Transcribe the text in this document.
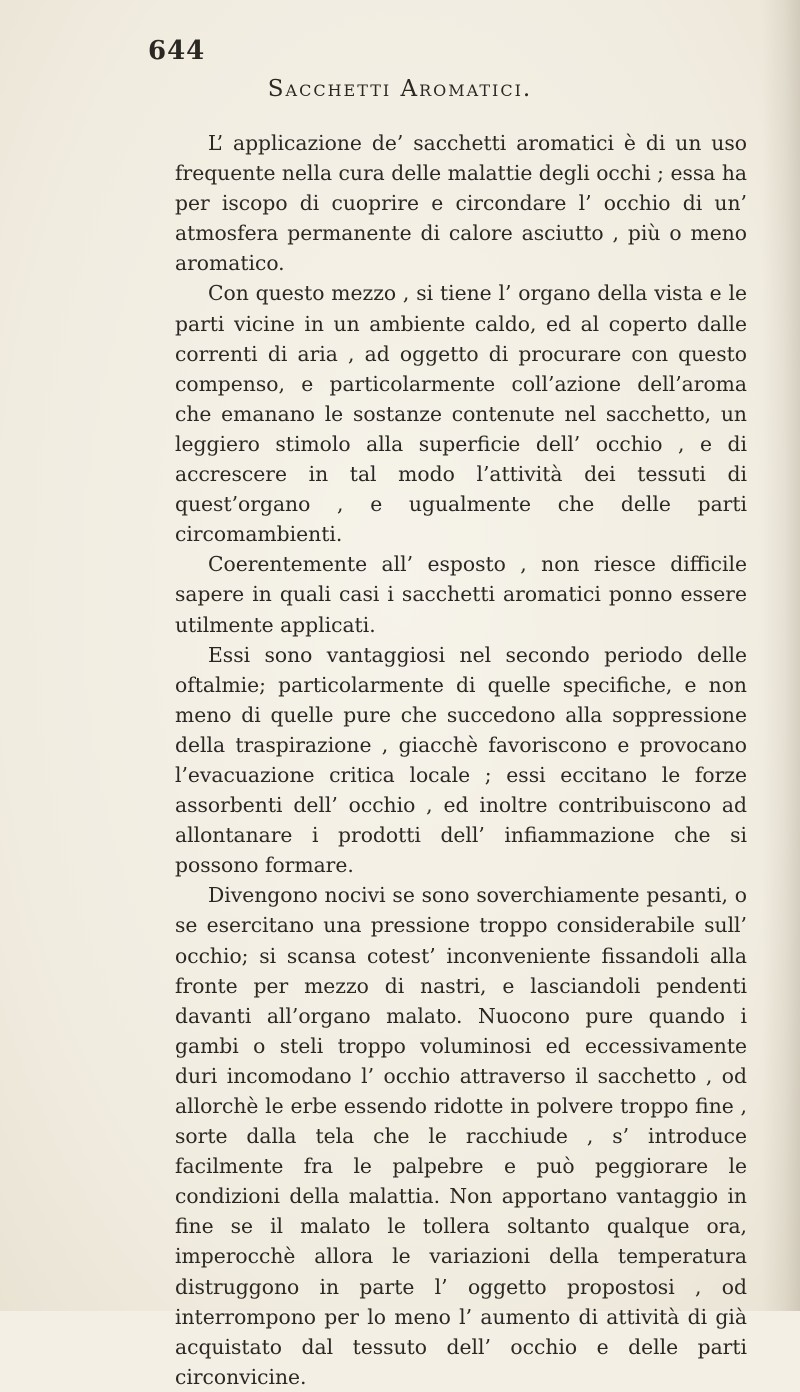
644
Sacchetti Aromatici.

L’ applicazione de’ sacchetti aromatici è di un uso frequente nella cura delle malattie degli occhi ; essa ha per iscopo di cuoprire e circondare l’ occhio di un’ atmosfera permanente di calore asciutto , più o meno aromatico.

Con questo mezzo , si tiene l’ organo della vista e le parti vicine in un ambiente caldo, ed al coperto dalle correnti di aria , ad oggetto di procurare con questo compenso, e particolarmente coll’azione dell’aroma che emanano le sostanze contenute nel sacchetto, un leggiero stimolo alla superficie dell’ occhio , e di accrescere in tal modo l’attività dei tessuti di quest’organo , e ugualmente che delle parti circomambienti.

Coerentemente all’ esposto , non riesce difficile sapere in quali casi i sacchetti aromatici ponno essere utilmente applicati.

Essi sono vantaggiosi nel secondo periodo delle oftalmie; particolarmente di quelle specifiche, e non meno di quelle pure che succedono alla soppressione della traspirazione , giacchè favoriscono e provocano l’evacuazione critica locale ; essi eccitano le forze assorbenti dell’ occhio , ed inoltre contribuiscono ad allontanare i prodotti dell’ infiammazione che si possono formare.

Divengono nocivi se sono soverchiamente pesanti, o se esercitano una pressione troppo considerabile sull’ occhio; si scansa cotest’ inconveniente fissandoli alla fronte per mezzo di nastri, e lasciandoli pendenti davanti all’organo malato. Nuocono pure quando i gambi o steli troppo voluminosi ed eccessivamente duri incomodano l’ occhio attraverso il sacchetto , od allorchè le erbe essendo ridotte in polvere troppo fine , sorte dalla tela che le racchiude , s’ introduce facilmente fra le palpebre e può peggiorare le condizioni della malattia. Non apportano vantaggio in fine se il malato le tollera soltanto qualque ora, imperocchè allora le variazioni della temperatura distruggono in parte l’ oggetto propostosi , od interrompono per lo meno l’ aumento di attività di già acquistato dal tessuto dell’ occhio e delle parti circonvicine.
